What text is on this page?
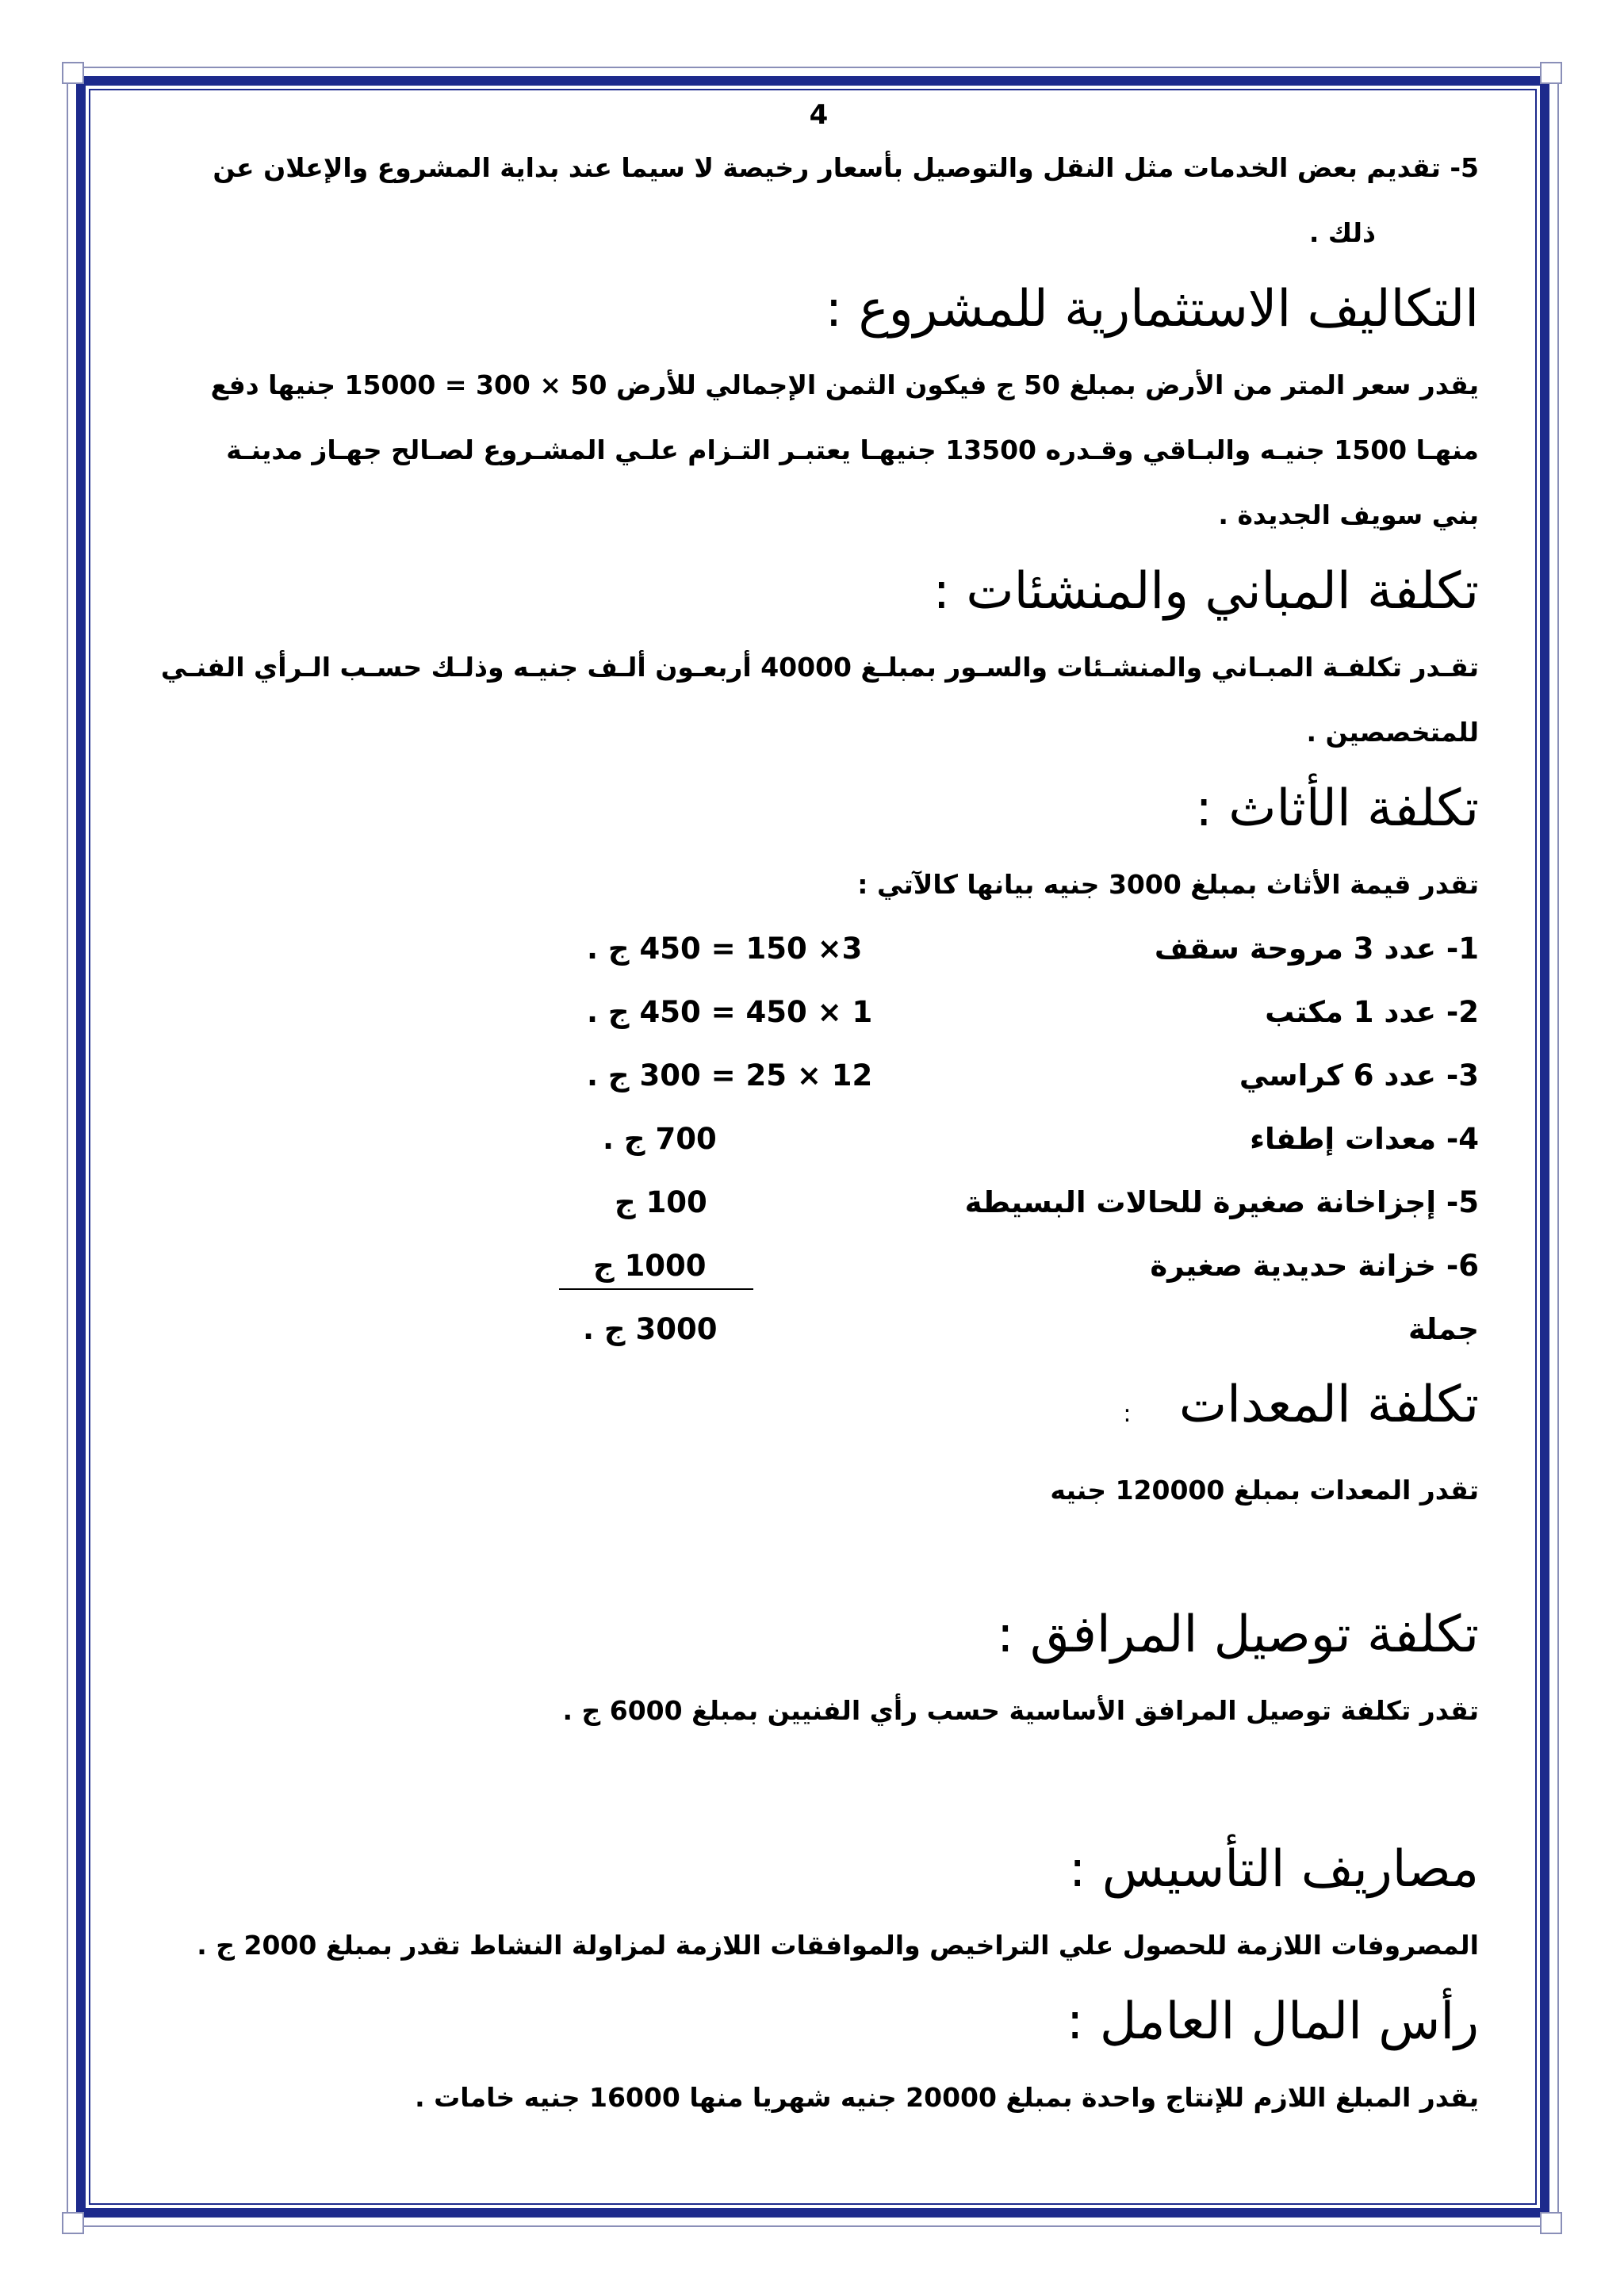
4

5- تقديم بعض الخدمات مثل النقل والتوصيل بأسعار رخيصة لا سيما عند بداية المشروع والإعلان عن

ذلك .

التكاليف الاستثمارية للمشروع :

يقدر سعر المتر من الأرض بمبلغ 50 ج فيكون الثمن الإجمالي للأرض 50 × 300 = 15000 جنيها دفع

منهـا 1500 جنيـه والبـاقي وقـدره 13500 جنيهـا يعتبـر التـزام علـي المشـروع لصـالح جهـاز مدينـة

بني سويف الجديدة .

تكلفة المباني والمنشئات :

تقـدر تكلفـة المبـاني والمنشـئات والسـور بمبلـغ 40000 أربعـون ألـف جنيـه وذلـك حسـب الـرأي الفنـي

للمتخصصين .

تكلفة الأثاث :

تقدر قيمة الأثاث بمبلغ 3000 جنيه بيانها كالآتي :

1- عدد 3 مروحة سقف
3× 150 = 450 ج .
2- عدد 1 مكتب
1 × 450 = 450 ج .
3- عدد 6 كراسي
12 × 25 = 300 ج .
4- معدات إطفاء
700 ج .
5- إجزاخانة صغيرة للحالات البسيطة
100 ج
6- خزانة حديدية صغيرة
1000 ج
جملة
3000 ج .
تكلفة المعدات :

تقدر المعدات بمبلغ 120000 جنيه

تكلفة توصيل المرافق :

تقدر تكلفة توصيل المرافق الأساسية حسب رأي الفنيين بمبلغ 6000 ج .

مصاريف التأسيس :

المصروفات اللازمة للحصول علي التراخيص والموافقات اللازمة لمزاولة النشاط تقدر بمبلغ 2000 ج .

رأس المال العامل :

يقدر المبلغ اللازم للإنتاج واحدة بمبلغ 20000 جنيه شهريا منها 16000 جنيه خامات .
